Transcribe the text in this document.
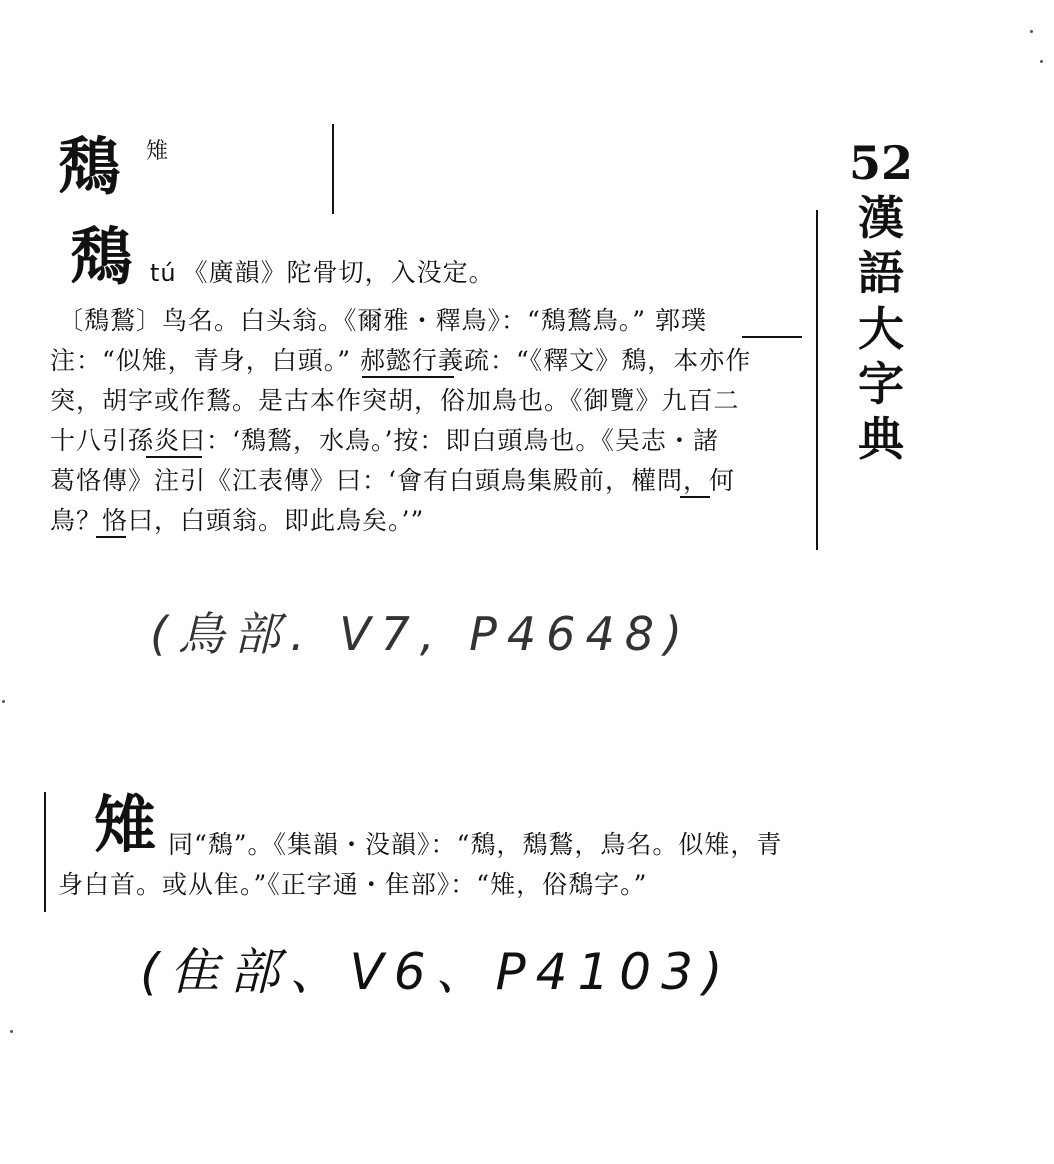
鵚 雉	52
漢
語
大
字
典
鵚 tú 《廣韻》陀骨切，入没定。
〔鵚鶖〕鸟名。白头翁。《爾雅・釋鳥》：“鵚鶖鳥。” 郭璞
注：“似雉，青身，白頭。” 郝懿行義疏：“《釋文》鵚，本亦作
突，胡字或作鶖。是古本作突胡，俗加鳥也。《御覽》九百二
十八引孫炎曰：‘鵚鶖，水鳥。’按：即白頭鳥也。《吴志・諸
葛恪傳》注引《江表傳》曰：‘會有白頭鳥集殿前，權問，何
鳥？恪曰，白頭翁。即此鳥矣。’”
(鳥部. V7, P4648)
雉 同“鵚”。《集韻・没韻》：“鵚，鵚鶖，鳥名。似雉，青
身白首。或从隹。”《正字通・隹部》：“雉，俗鵚字。”
(隹部、V6、P4103)
